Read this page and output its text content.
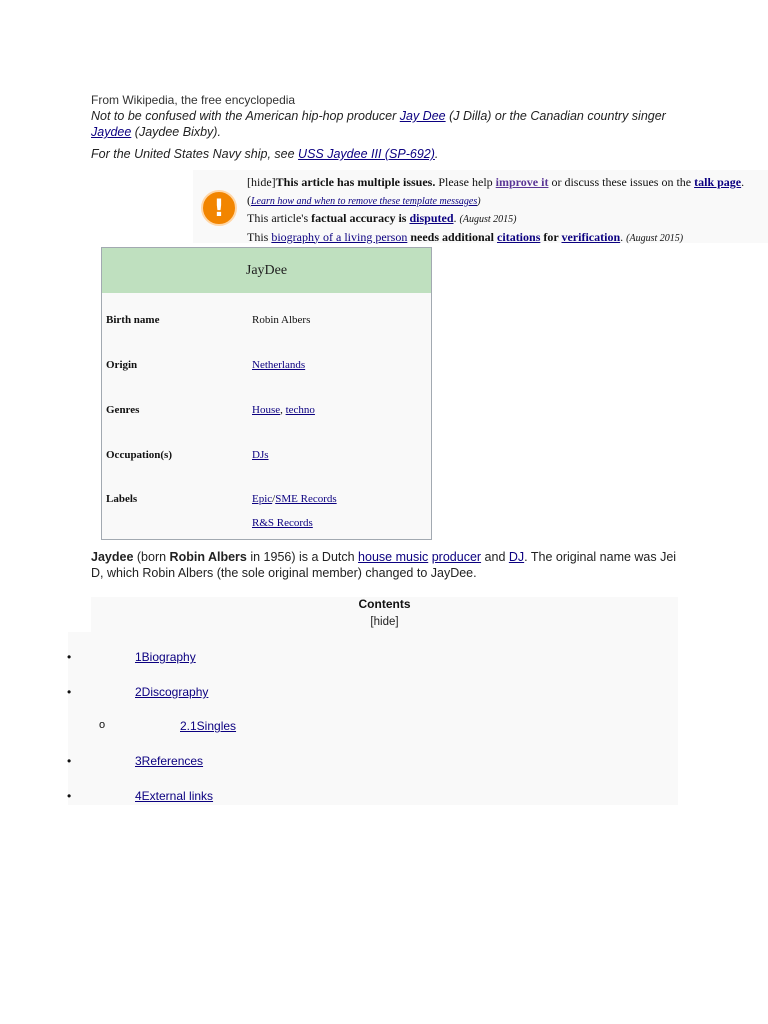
From Wikipedia, the free encyclopedia
Not to be confused with the American hip-hop producer Jay Dee (J Dilla) or the Canadian country singer Jaydee (Jaydee Bixby).
For the United States Navy ship, see USS Jaydee III (SP-692).
!
[hide]This article has multiple issues. Please help improve it or discuss these issues on the talk page. (Learn how and when to remove these template messages)
This article's factual accuracy is disputed. (August 2015)
This biography of a living person needs additional citations for verification. (August 2015)
JayDee
Birth name	Robin Albers
Origin	Netherlands
Genres	House, techno
Occupation(s)	DJs
Labels	Epic/SME Records
R&S Records
Jaydee (born Robin Albers in 1956) is a Dutch house music producer and DJ. The original name was Jei D, which Robin Albers (the sole original member) changed to JayDee.
Contents
[hide]
•	1Biography
•	2Discography
o	2.1Singles
•	3References
•	4External links
